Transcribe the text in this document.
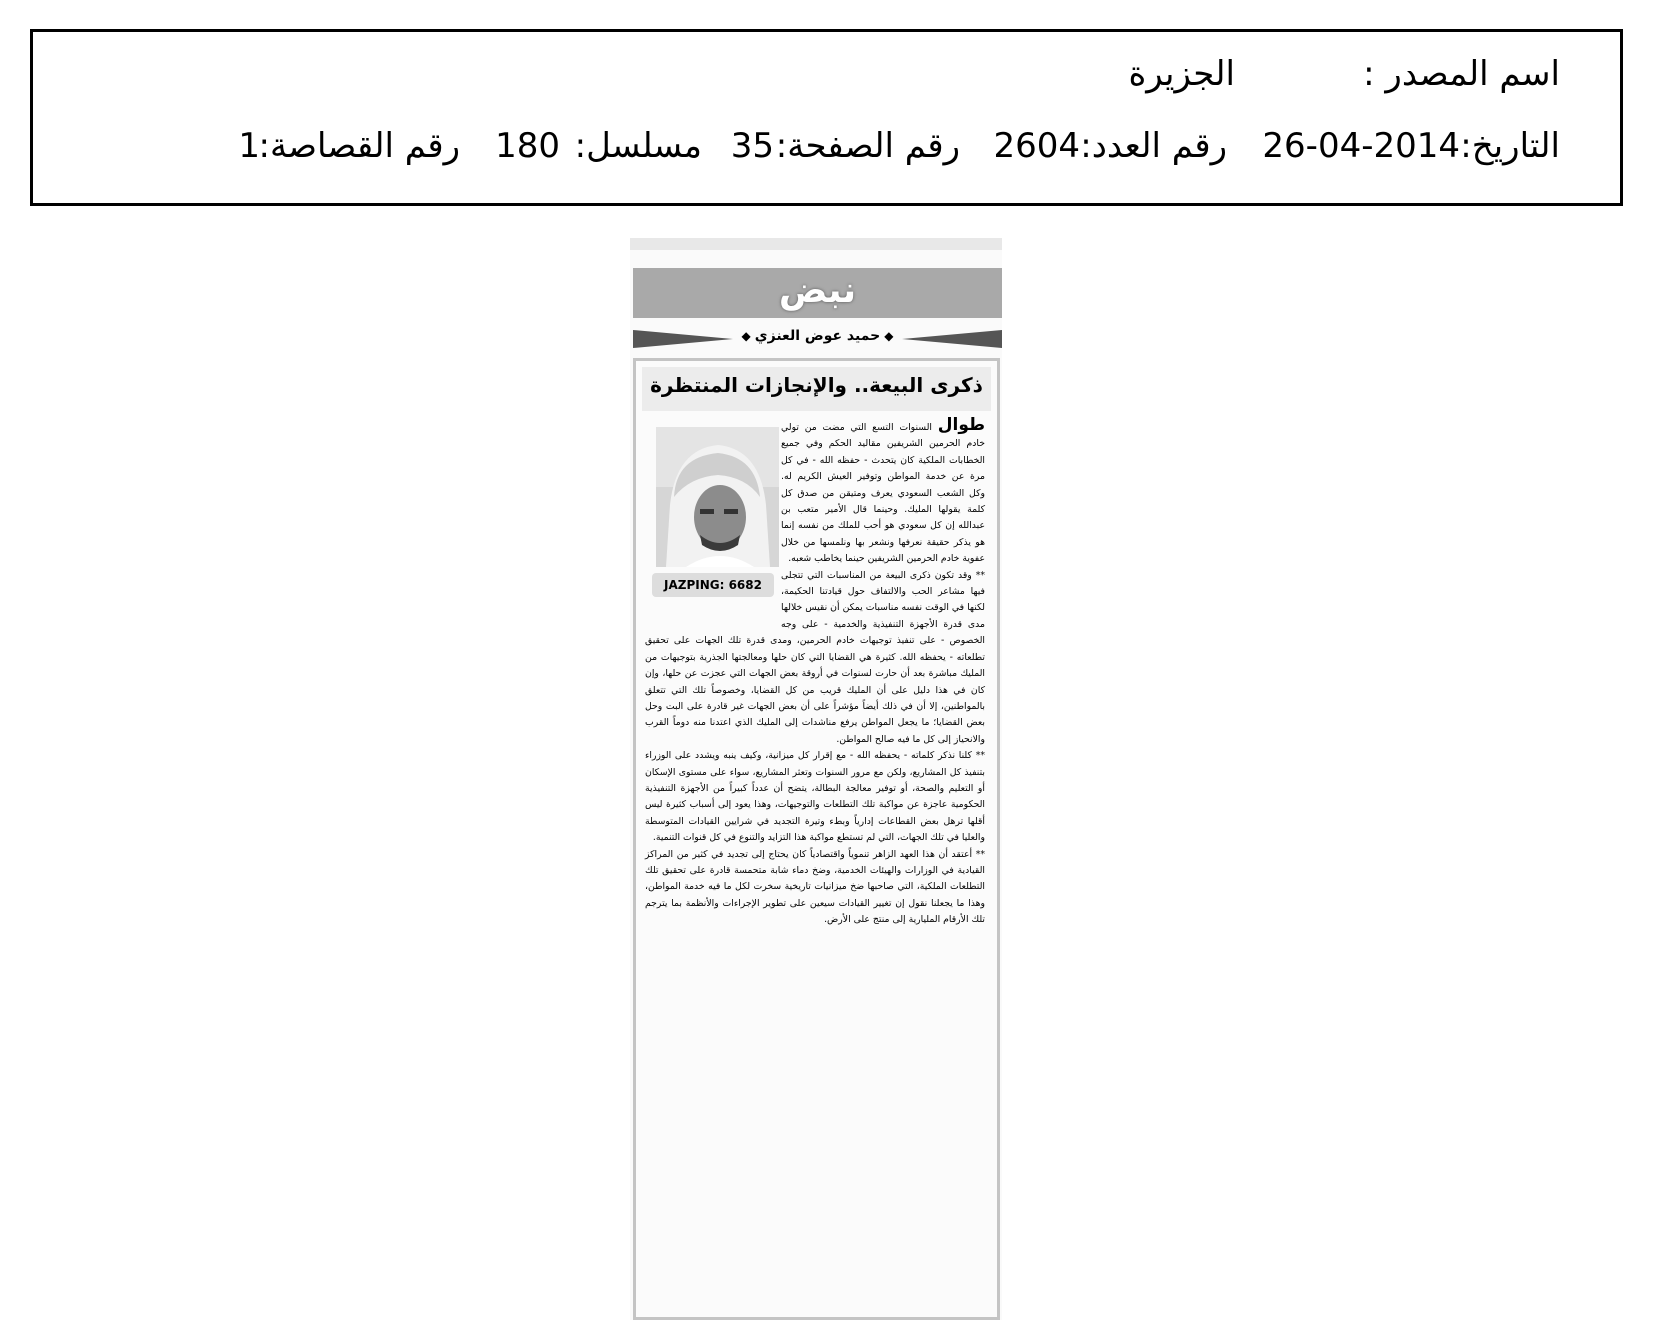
اسم المصدر :
الجزيرة
التاريخ:
26-04-2014
رقم العدد:
2604
رقم الصفحة:
35
مسلسل:
180
رقم القصاصة:
1
نبض
◆حميد عوض العنزي◆
ذكرى البيعة.. والإنجازات المنتظرة
JAZPING: 6682

طوال السنوات التسع التي مضت من تولي خادم الحرمين الشريفين مقاليد الحكم وفي جميع الخطابات الملكية كان يتحدث - حفظه الله - في كل مرة عن خدمة المواطن وتوفير العيش الكريم له. وكل الشعب السعودي يعرف ومتيقن من صدق كل كلمة يقولها المليك. وحينما قال الأمير متعب بن عبدالله إن كل سعودي هو أحب للملك من نفسه إنما هو يذكر حقيقة نعرفها ونشعر بها ونلمسها من خلال عفوية خادم الحرمين الشريفين حينما يخاطب شعبه.

** وقد تكون ذكرى البيعة من المناسبات التي تتجلى فيها مشاعر الحب والالتفاف حول قيادتنا الحكيمة، لكنها في الوقت نفسه مناسبات يمكن أن نقيس خلالها مدى قدرة الأجهزة التنفيذية والخدمية - على وجه الخصوص - على تنفيذ توجيهات خادم الحرمين، ومدى قدرة تلك الجهات على تحقيق تطلعاته - يحفظه الله. كثيرة هي القضايا التي كان حلها ومعالجتها الجذرية بتوجيهات من المليك مباشرة بعد أن حارت لسنوات في أروقة بعض الجهات التي عجزت عن حلها، وإن كان في هذا دليل على أن المليك قريب من كل القضايا، وخصوصاً تلك التي تتعلق بالمواطنين، إلا أن في ذلك أيضاً مؤشراً على أن بعض الجهات غير قادرة على البت وحل بعض القضايا؛ ما يجعل المواطن يرفع مناشدات إلى المليك الذي اعتدنا منه دوماً القرب والانحياز إلى كل ما فيه صالح المواطن.

** كلنا نذكر كلماته - يحفظه الله - مع إقرار كل ميزانية، وكيف ينبه ويشدد على الوزراء بتنفيذ كل المشاريع، ولكن مع مرور السنوات وتعثر المشاريع، سواء على مستوى الإسكان أو التعليم والصحة، أو توفير معالجة البطالة، يتضح أن عدداً كبيراً من الأجهزة التنفيذية الحكومية عاجزة عن مواكبة تلك التطلعات والتوجيهات، وهذا يعود إلى أسباب كثيرة ليس أقلها ترهل بعض القطاعات إدارياً وبطء وتيرة التجديد في شرايين القيادات المتوسطة والعليا في تلك الجهات، التي لم تستطع مواكبة هذا التزايد والتنوع في كل قنوات التنمية.

** أعتقد أن هذا العهد الزاهر تنموياً واقتصادياً كان يحتاج إلى تجديد في كثير من المراكز القيادية في الوزارات والهيئات الخدمية، وضخ دماء شابة متحمسة قادرة على تحقيق تلك التطلعات الملكية، التي صاحبها ضخ ميزانيات تاريخية سخرت لكل ما فيه خدمة المواطن، وهذا ما يجعلنا نقول إن تغيير القيادات سيعين على تطوير الإجراءات والأنظمة بما يترجم تلك الأرقام المليارية إلى منتج على الأرض.
